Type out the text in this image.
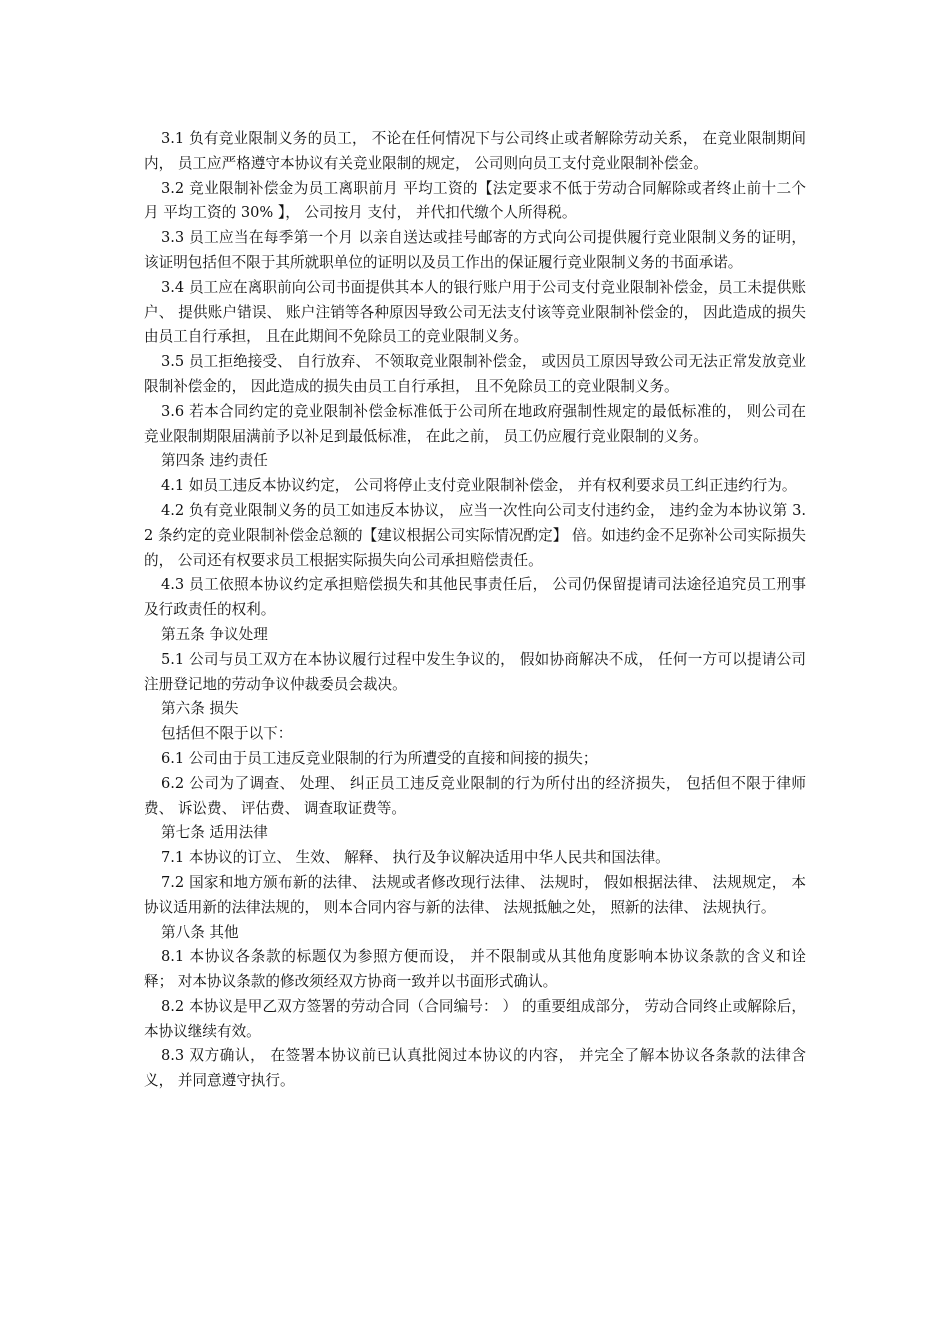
3.1 负有竞业限制义务的员工， 不论在任何情况下与公司终止或者解除劳动关系， 在竞业限制期间内， 员工应严格遵守本协议有关竞业限制的规定， 公司则向员工支付竞业限制补偿金。

3.2 竞业限制补偿金为员工离职前月 平均工资的【法定要求不低于劳动合同解除或者终止前十二个月 平均工资的 30% 】， 公司按月 支付， 并代扣代缴个人所得税。

3.3 员工应当在每季第一个月 以亲自送达或挂号邮寄的方式向公司提供履行竞业限制义务的证明， 该证明包括但不限于其所就职单位的证明以及员工作出的保证履行竞业限制义务的书面承诺。

3.4 员工应在离职前向公司书面提供其本人的银行账户用于公司支付竞业限制补偿金，员工未提供账户、 提供账户错误、 账户注销等各种原因导致公司无法支付该等竞业限制补偿金的， 因此造成的损失由员工自行承担， 且在此期间不免除员工的竞业限制义务。

3.5 员工拒绝接受、 自行放弃、 不领取竞业限制补偿金， 或因员工原因导致公司无法正常发放竞业限制补偿金的， 因此造成的损失由员工自行承担， 且不免除员工的竞业限制义务。

3.6 若本合同约定的竞业限制补偿金标准低于公司所在地政府强制性规定的最低标准的， 则公司在竞业限制期限届满前予以补足到最低标准， 在此之前， 员工仍应履行竞业限制的义务。

第四条 违约责任

4.1 如员工违反本协议约定， 公司将停止支付竞业限制补偿金， 并有权利要求员工纠正违约行为。

4.2 负有竞业限制义务的员工如违反本协议， 应当一次性向公司支付违约金， 违约金为本协议第 3.2 条约定的竞业限制补偿金总额的【建议根据公司实际情况酌定】 倍。如违约金不足弥补公司实际损失的， 公司还有权要求员工根据实际损失向公司承担赔偿责任。

4.3 员工依照本协议约定承担赔偿损失和其他民事责任后， 公司仍保留提请司法途径追究员工刑事及行政责任的权利。

第五条 争议处理

5.1 公司与员工双方在本协议履行过程中发生争议的， 假如协商解决不成， 任何一方可以提请公司注册登记地的劳动争议仲裁委员会裁决。

第六条 损失

包括但不限于以下：

6.1 公司由于员工违反竞业限制的行为所遭受的直接和间接的损失；

6.2 公司为了调查、 处理、 纠正员工违反竞业限制的行为所付出的经济损失， 包括但不限于律师费、 诉讼费、 评估费、 调查取证费等。

第七条 适用法律

7.1 本协议的订立、 生效、 解释、 执行及争议解决适用中华人民共和国法律。

7.2 国家和地方颁布新的法律、 法规或者修改现行法律、 法规时， 假如根据法律、 法规规定， 本协议适用新的法律法规的， 则本合同内容与新的法律、 法规抵触之处， 照新的法律、 法规执行。

第八条 其他

8.1 本协议各条款的标题仅为参照方便而设， 并不限制或从其他角度影响本协议条款的含义和诠释； 对本协议条款的修改须经双方协商一致并以书面形式确认。

8.2 本协议是甲乙双方签署的劳动合同（合同编号： ） 的重要组成部分， 劳动合同终止或解除后， 本协议继续有效。

8.3 双方确认， 在签署本协议前已认真批阅过本协议的内容， 并完全了解本协议各条款的法律含义， 并同意遵守执行。
